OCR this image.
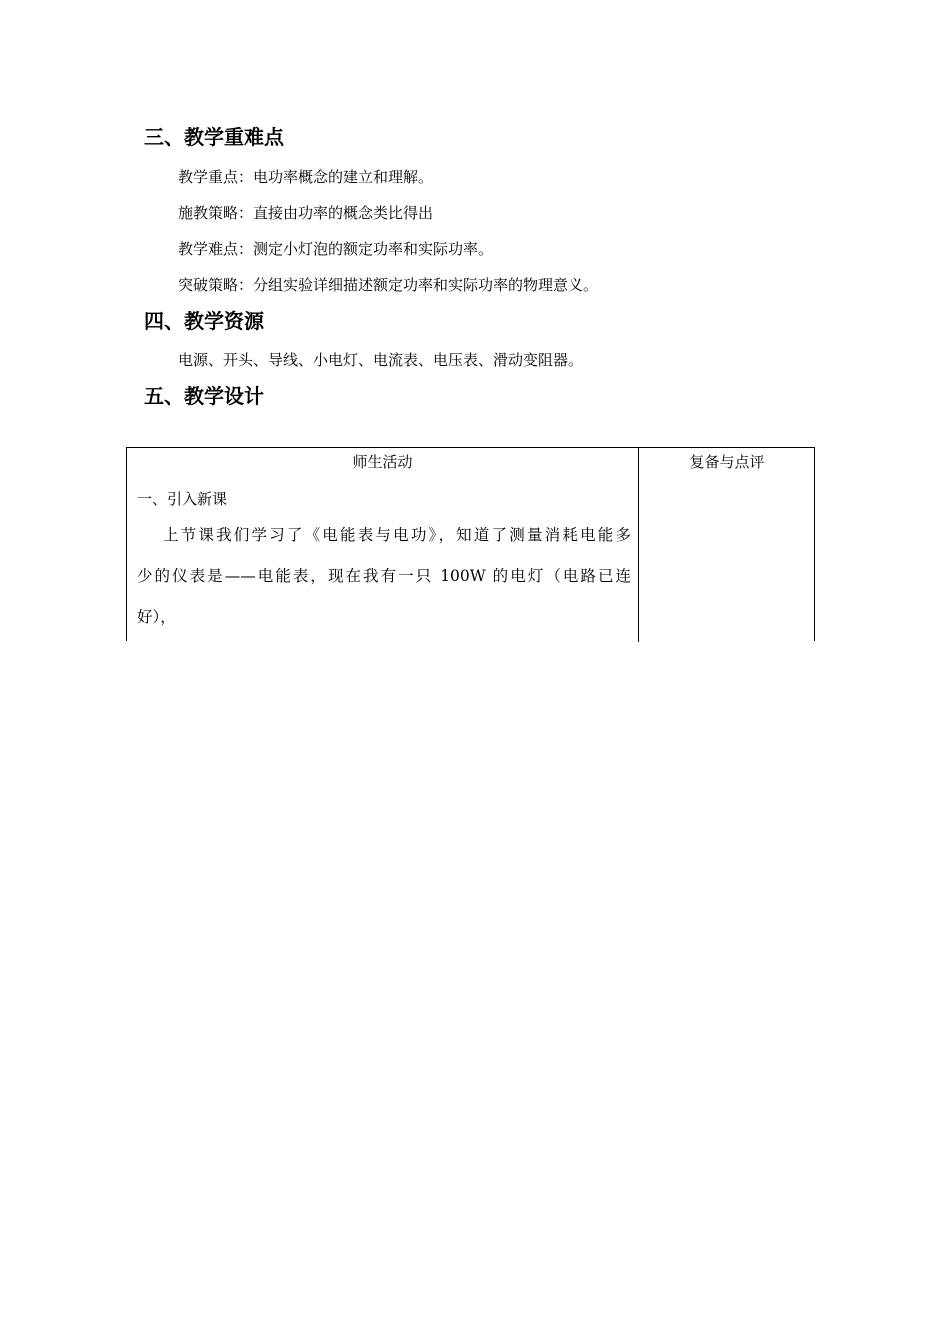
三、教学重难点

教学重点：电功率概念的建立和理解。

施教策略：直接由功率的概念类比得出

教学难点：测定小灯泡的额定功率和实际功率。

突破策略：分组实验详细描述额定功率和实际功率的物理意义。

四、教学资源

电源、开头、导线、小电灯、电流表、电压表、滑动变阻器。

五、教学设计
师生活动	复备与点评
一、引入新课
上节课我们学习了《电能表与电功》，知道了测量消耗电能多
少的仪表是——电能表，现在我有一只 100W 的电灯（电路已连
好），
